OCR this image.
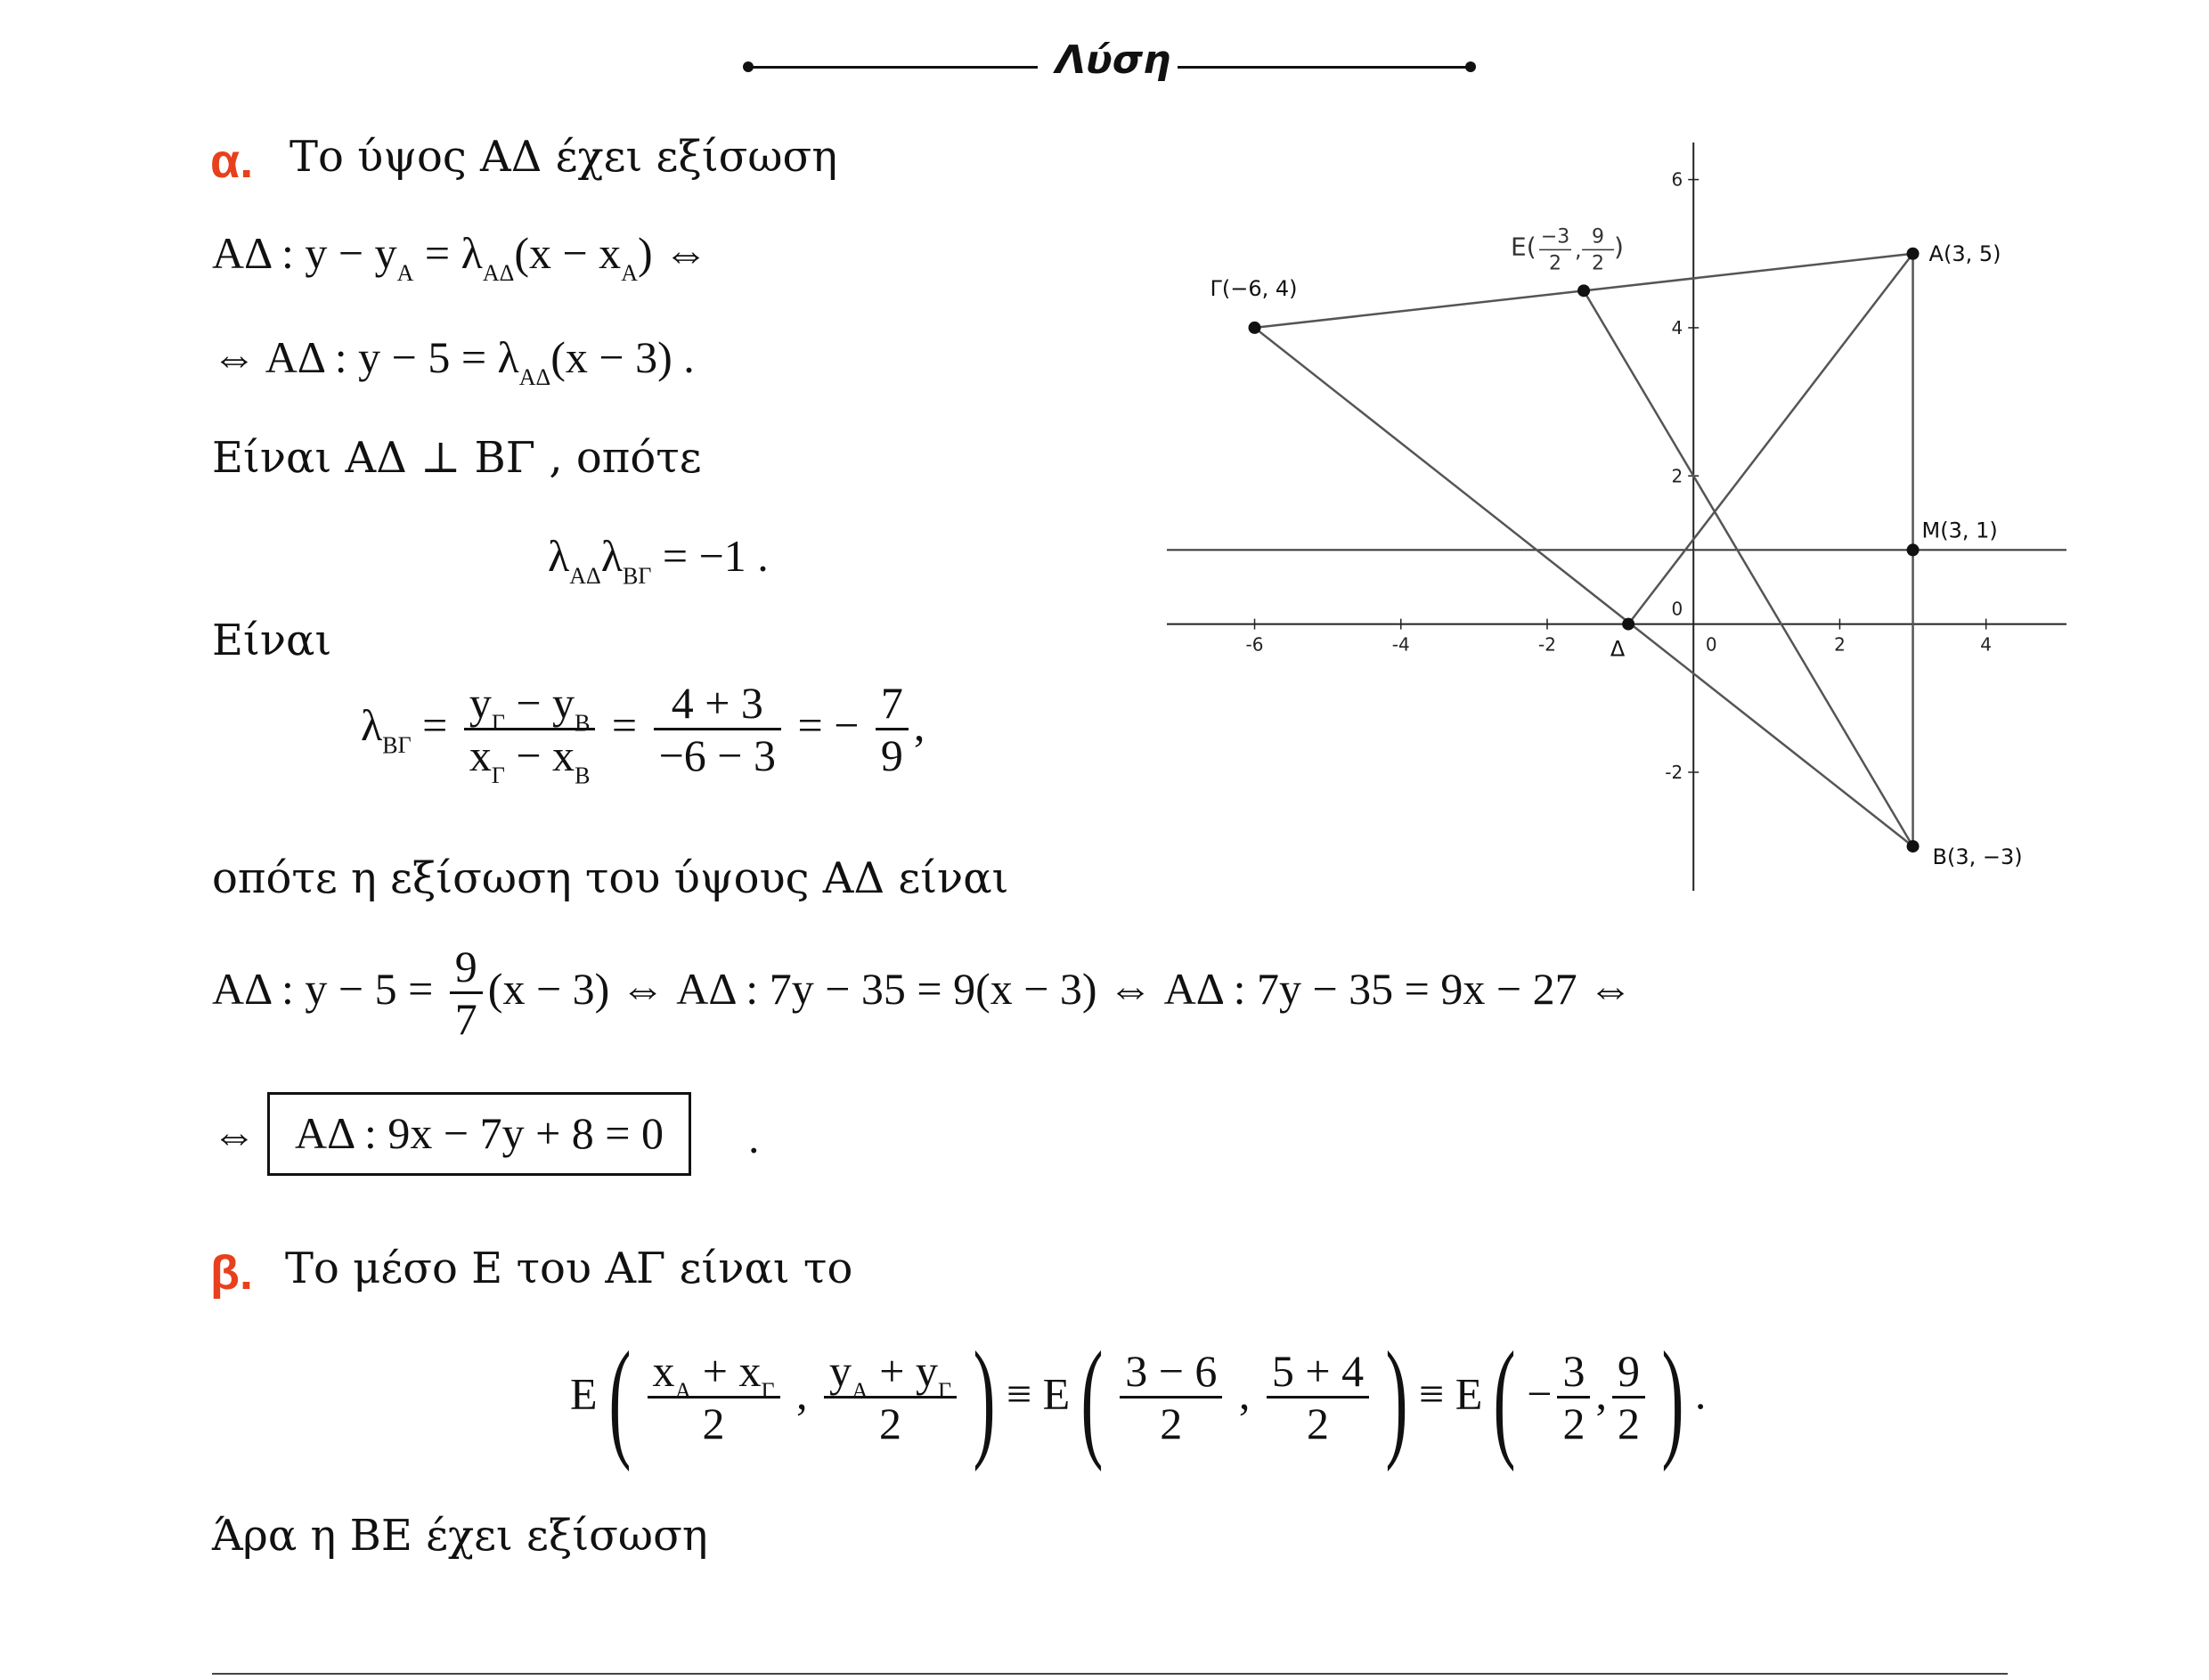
Λύση
α. Το ύψος ΑΔ έχει εξίσωση
ΑΔ : $y - y_A = \lambda_{A\Delta}(x - x_A)$ ⇔
⇔ ΑΔ : $y - 5 = \lambda_{A\Delta}(x - 3)$ .
Είναι ΑΔ ⊥ ΒΓ , οπότε
$\lambda_{A\Delta}\lambda_{B\Gamma} = -1$ .
Είναι
$\lambda_{B\Gamma} = \frac{y_\Gamma - y_B}{x_\Gamma - x_B} = \frac{4 + 3}{-6 - 3}$ = − $\frac{7}{9}$ ,
οπότε η εξίσωση του ύψους ΑΔ είναι
ΑΔ : $y - 5 = \frac{9}{7} (x - 3)$ ⇔ ΑΔ : 7y − 35 = 9(x − 3) ⇔ ΑΔ : 7y − 35 = 9x − 27 ⇔
⇔ ΑΔ : 9x − 7y + 8 = 0	.
β. Το μέσο Ε του ΑΓ είναι το
$E( \frac{x_A + x_\Gamma}{2}$ , $\frac{y_A + y_\Gamma}{2}$ ) ≡ $E( \frac{3 - 6}{2}$ , $\frac{5 + 4}{2}$ ) ≡ $E( - \frac{3}{2}$ , $\frac{9}{2}$ ) .
Άρα η ΒΕ έχει εξίσωση
-6	-4	-2	0	2	4
6
4
2
0
-2
A(3, 5)
B(3, −3)
Γ(−6, 4)
M(3, 1)
Δ
Ε( −3
2
,
9
2
)
